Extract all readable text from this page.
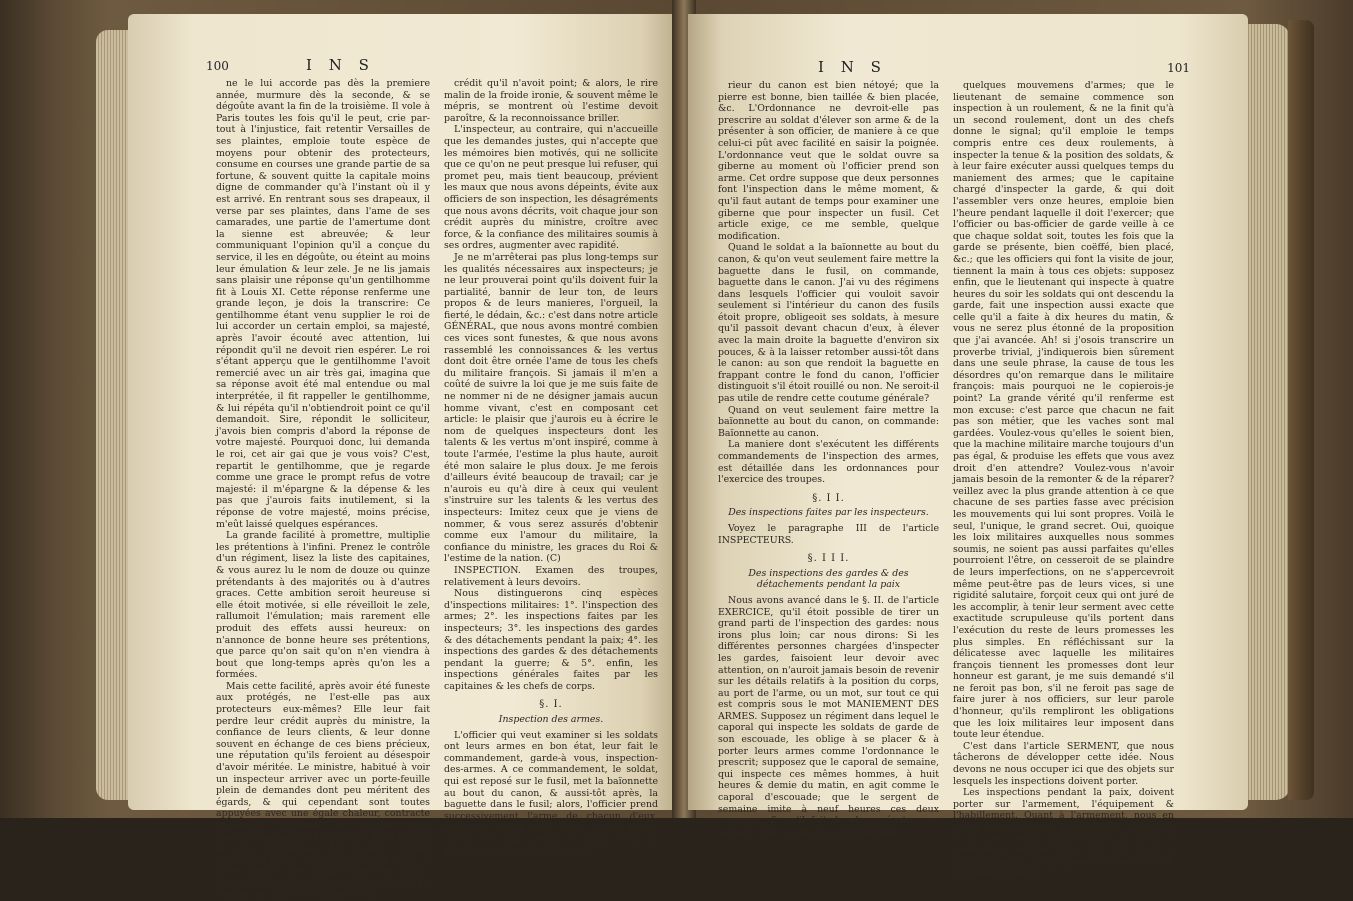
100	I N S

ne le lui accorde pas dès la premiere année, murmure dès la seconde, & se dégoûte avant la fin de la troisième. Il vole à Paris toutes les fois qu'il le peut, crie par-tout à l'injustice, fait retentir Versailles de ses plaintes, emploie toute espèce de moyens pour obtenir des protecteurs, consume en courses une grande partie de sa fortune, & souvent quitte la capitale moins digne de commander qu'à l'instant où il y est arrivé. En rentrant sous ses drapeaux, il verse par ses plaintes, dans l'ame de ses camarades, une partie de l'amertume dont la sienne est abreuvée; & leur communiquant l'opinion qu'il a conçue du service, il les en dégoûte, ou éteint au moins leur émulation & leur zele. Je ne lis jamais sans plaisir une réponse qu'un gentilhomme fit à Louis XI. Cette réponse renferme une grande leçon, je dois la transcrire: Ce gentilhomme étant venu supplier le roi de lui accorder un certain emploi, sa majesté, après l'avoir écouté avec attention, lui répondit qu'il ne devoit rien espérer. Le roi s'étant apperçu que le gentilhomme l'avoit remercié avec un air très gai, imagina que sa réponse avoit été mal entendue ou mal interprétée, il fit rappeller le gentilhomme, & lui répéta qu'il n'obtiendroit point ce qu'il demandoit. Sire, répondit le solliciteur, j'avois bien compris d'abord la réponse de votre majesté. Pourquoi donc, lui demanda le roi, cet air gai que je vous vois? C'est, repartit le gentilhomme, que je regarde comme une grace le prompt refus de votre majesté: il m'épargne & la dépense & les pas que j'aurois faits inutilement, si la réponse de votre majesté, moins précise, m'eût laissé quelques espérances.

La grande facilité à promettre, multiplie les prétentions à l'infini. Prenez le contrôle d'un régiment, lisez la liste des capitaines, & vous aurez lu le nom de douze ou quinze prétendants à des majorités ou à d'autres graces. Cette ambition seroit heureuse si elle étoit motivée, si elle réveilloit le zele, rallumoit l'émulation; mais rarement elle produit des effets aussi heureux: on n'annonce de bonne heure ses prétentions, que parce qu'on sait qu'on n'en viendra à bout que long-temps après qu'on les a formées.

Mais cette facilité, après avoir été funeste aux protégés, ne l'est-elle pas aux protecteurs eux-mêmes? Elle leur fait perdre leur crédit auprès du ministre, la confiance de leurs clients, & leur donne souvent en échange de ces biens précieux, une réputation qu'ils feroient au désespoir d'avoir méritée. Le ministre, habitué à voir un inspecteur arriver avec un porte-feuille plein de demandes dont peu méritent des égards, & qui cependant sont toutes appuyées avec une égale chaleur, contracte tellement l'habitude de refuser, qu'il n'accorde même plus ce qui est de la justice la plus rigoureuse. Le protégé voyant s'évanouir toutes les promesses qu'on lui a faites, pense, avec quelqu'espèce de raison, que son prétendu protecteur l'a oublié ou l'a trompé, ou qu'il s'est targué d'un

crédit qu'il n'avoit point; & alors, le rire malin de la froide ironie, & souvent même le mépris, se montrent où l'estime devoit paroître, & la reconnoissance briller.

L'inspecteur, au contraire, qui n'accueille que les demandes justes, qui n'accepte que les mémoires bien motivés, qui ne sollicite que ce qu'on ne peut presque lui refuser, qui promet peu, mais tient beaucoup, prévient les maux que nous avons dépeints, évite aux officiers de son inspection, les désagréments que nous avons décrits, voit chaque jour son crédit auprès du ministre, croître avec force, & la confiance des militaires soumis à ses ordres, augmenter avec rapidité.

Je ne m'arrêterai pas plus long-temps sur les qualités nécessaires aux inspecteurs; je ne leur prouverai point qu'ils doivent fuir la partialité, bannir de leur ton, de leurs propos & de leurs manieres, l'orgueil, la fierté, le dédain, &c.: c'est dans notre article GÉNÉRAL, que nous avons montré combien ces vices sont funestes, & que nous avons rassemblé les connoissances & les vertus dont doit être ornée l'ame de tous les chefs du militaire françois. Si jamais il m'en a coûté de suivre la loi que je me suis faite de ne nommer ni de ne désigner jamais aucun homme vivant, c'est en composant cet article: le plaisir que j'aurois eu à écrire le nom de quelques inspecteurs dont les talents & les vertus m'ont inspiré, comme à toute l'armée, l'estime la plus haute, auroit été mon salaire le plus doux. Je me ferois d'ailleurs évité beaucoup de travail; car je n'aurois eu qu'à dire à ceux qui veulent s'instruire sur les talents & les vertus des inspecteurs: Imitez ceux que je viens de nommer, & vous serez assurés d'obtenir comme eux l'amour du militaire, la confiance du ministre, les graces du Roi & l'estime de la nation. (C)

INSPECTION. Examen des troupes, relativement à leurs devoirs.

Nous distinguerons cinq espèces d'inspections militaires: 1°. l'inspection des armes; 2°. les inspections faites par les inspecteurs; 3°. les inspections des gardes & des détachements pendant la paix; 4°. les inspections des gardes & des détachements pendant la guerre; & 5°. enfin, les inspections générales faites par les capitaines & les chefs de corps.

§. I.

Inspection des armes.

L'officier qui veut examiner si les soldats ont leurs armes en bon état, leur fait le commandement, garde-à vous, inspection-des-armes. A ce commandement, le soldat, qui est reposé sur le fusil, met la baïonnette au bout du canon, & aussi-tôt après, la baguette dans le fusil; alors, l'officier prend successivement l'arme de chacun d'eux, l'examine, & la rend après s'être assuré qu'elle est sans rouille, & dans l'état de propreté convenable; que l'inté-

I N S	101

rieur du canon est bien nétoyé; que la pierre est bonne, bien taillée & bien placée, &c. L'Ordonnance ne devroit-elle pas prescrire au soldat d'élever son arme & de la présenter à son officier, de maniere à ce que celui-ci pût avec facilité en saisir la poignée. L'ordonnance veut que le soldat ouvre sa giberne au moment où l'officier prend son arme. Cet ordre suppose que deux personnes font l'inspection dans le même moment, & qu'il faut autant de temps pour examiner une giberne que pour inspecter un fusil. Cet article exige, ce me semble, quelque modification.

Quand le soldat a la baïonnette au bout du canon, & qu'on veut seulement faire mettre la baguette dans le fusil, on commande, baguette dans le canon. J'ai vu des régimens dans lesquels l'officier qui vouloit savoir seulement si l'intérieur du canon des fusils étoit propre, obligeoit ses soldats, à mesure qu'il passoit devant chacun d'eux, à élever avec la main droite la baguette d'environ six pouces, & à la laisser retomber aussi-tôt dans le canon: au son que rendoit la baguette en frappant contre le fond du canon, l'officier distinguoit s'il étoit rouillé ou non. Ne seroit-il pas utile de rendre cette coutume générale?

Quand on veut seulement faire mettre la baïonnette au bout du canon, on commande: Baïonnette au canon.

La maniere dont s'exécutent les différents commandements de l'inspection des armes, est détaillée dans les ordonnances pour l'exercice des troupes.

§. I I.

Des inspections faites par les inspecteurs.

Voyez le paragraphe III de l'article INSPECTEURS.

§. I I I.

Des inspections des gardes & des détachements pendant la paix

Nous avons avancé dans le §. II. de l'article EXERCICE, qu'il étoit possible de tirer un grand parti de l'inspection des gardes: nous irons plus loin; car nous dirons: Si les différentes personnes chargées d'inspecter les gardes, faisoient leur devoir avec attention, on n'auroit jamais besoin de revenir sur les détails relatifs à la position du corps, au port de l'arme, ou un mot, sur tout ce qui est compris sous le mot MANIEMENT DES ARMES. Supposez un régiment dans lequel le caporal qui inspecte les soldats de garde de son escouade, les oblige à se placer & à porter leurs armes comme l'ordonnance le prescrit; supposez que le caporal de semaine, qui inspecte ces mêmes hommes, à huit heures & demie du matin, en agit comme le caporal d'escouade; que le sergent de semaine imite à neuf heures ces deux caporaux, & qu'il fait de plus exécuter aux soldats, avec la plus grande précision,

quelques mouvemens d'armes; que le lieutenant de semaine commence son inspection à un roulement, & ne la finit qu'à un second roulement, dont un des chefs donne le signal; qu'il emploie le temps compris entre ces deux roulements, à inspecter la tenue & la position des soldats, & à leur faire exécuter aussi quelques temps du maniement des armes; que le capitaine chargé d'inspecter la garde, & qui doit l'assembler vers onze heures, emploie bien l'heure pendant laquelle il doit l'exercer; que l'officier ou bas-officier de garde veille à ce que chaque soldat soit, toutes les fois que la garde se présente, bien coëffé, bien placé, &c.; que les officiers qui font la visite de jour, tiennent la main à tous ces objets: supposez enfin, que le lieutenant qui inspecte à quatre heures du soir les soldats qui ont descendu la garde, fait une inspection aussi exacte que celle qu'il a faite à dix heures du matin, & vous ne serez plus étonné de la proposition que j'ai avancée. Ah! si j'osois transcrire un proverbe trivial, j'indiquerois bien sûrement dans une seule phrase, la cause de tous les désordres qu'on remarque dans le militaire françois: mais pourquoi ne le copierois-je point? La grande vérité qu'il renferme est mon excuse: c'est parce que chacun ne fait pas son métier, que les vaches sont mal gardées. Voulez-vous qu'elles le soient bien, que la machine militaire marche toujours d'un pas égal, & produise les effets que vous avez droit d'en attendre? Voulez-vous n'avoir jamais besoin de la remonter & de la réparer? veillez avec la plus grande attention à ce que chacune de ses parties fasse avec précision les mouvements qui lui sont propres. Voilà le seul, l'unique, le grand secret. Oui, quoique les loix militaires auxquelles nous sommes soumis, ne soient pas aussi parfaites qu'elles pourroient l'être, on cesseroit de se plaindre de leurs imperfections, on ne s'appercevroit même peut-être pas de leurs vices, si une rigidité salutaire, forçoit ceux qui ont juré de les accomplir, à tenir leur serment avec cette exactitude scrupuleuse qu'ils portent dans l'exécution du reste de leurs promesses les plus simples. En réfléchissant sur la délicatesse avec laquelle les militaires françois tiennent les promesses dont leur honneur est garant, je me suis demandé s'il ne feroit pas bon, s'il ne feroit pas sage de faire jurer à nos officiers, sur leur parole d'honneur, qu'ils rempliront les obligations que les loix militaires leur imposent dans toute leur étendue.

C'est dans l'article SERMENT, que nous tâcherons de développer cette idée. Nous devons ne nous occuper ici que des objets sur lesquels les inspections doivent porter.

Les inspections pendant la paix, doivent porter sur l'armement, l'équipement & l'habillement. Quant à l'armement, nous en avons déja parlé sous le mot FUSIL, dans le §. I. de cet article INSPECTION, & nous y reviendrons encore dans le §. IV. Quant à l'équipement & à l'habillement, voyez TENUE & HABILLEMENT.
